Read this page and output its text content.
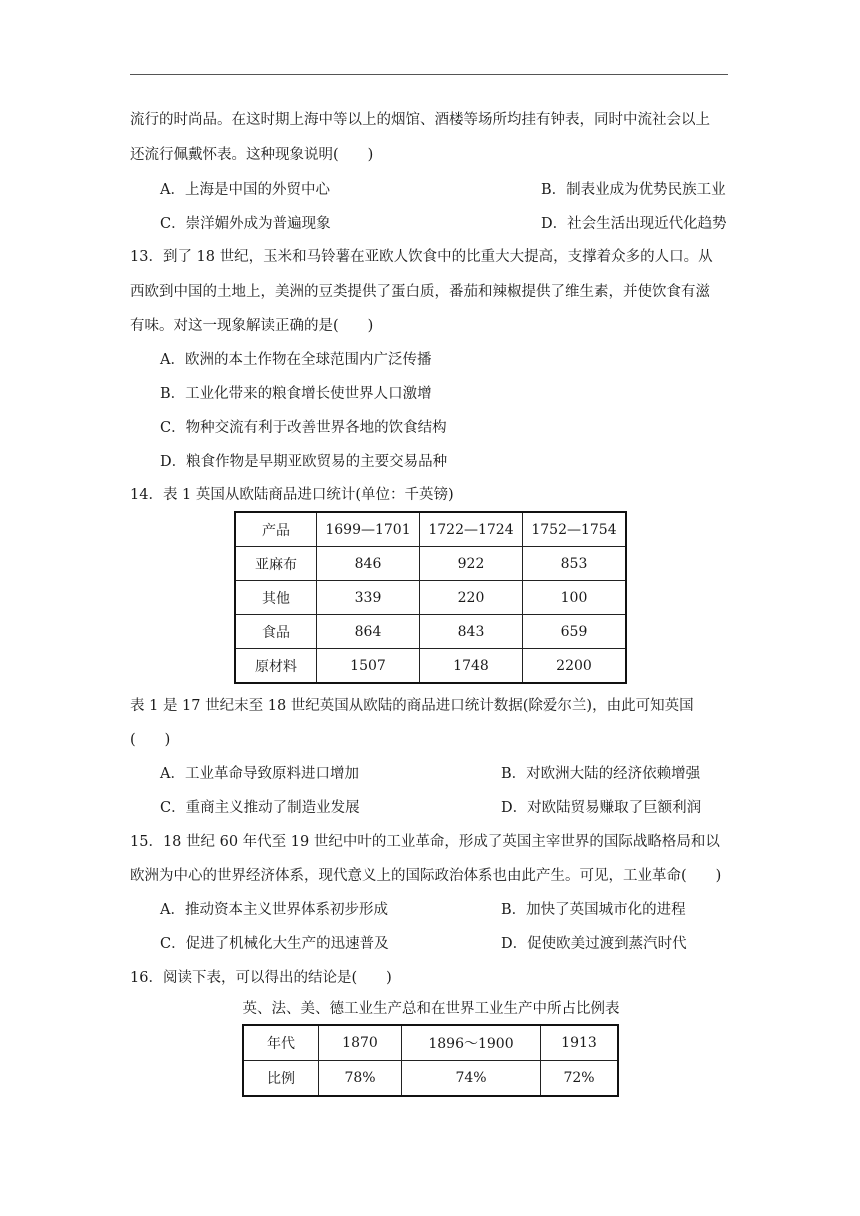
流行的时尚品。在这时期上海中等以上的烟馆、酒楼等场所均挂有钟表，同时中流社会以上
还流行佩戴怀表。这种现象说明(　　)
A．上海是中国的外贸中心	B．制表业成为优势民族工业
C．崇洋媚外成为普遍现象	D．社会生活出现近代化趋势
13．到了 18 世纪，玉米和马铃薯在亚欧人饮食中的比重大大提高，支撑着众多的人口。从
西欧到中国的土地上，美洲的豆类提供了蛋白质，番茄和辣椒提供了维生素，并使饮食有滋
有味。对这一现象解读正确的是(　　)
A．欧洲的本土作物在全球范围内广泛传播
B．工业化带来的粮食增长使世界人口激增
C．物种交流有利于改善世界各地的饮食结构
D．粮食作物是早期亚欧贸易的主要交易品种
14．表 1 英国从欧陆商品进口统计(单位：千英镑)
产品	1699—1701	1722—1724	1752—1754
亚麻布	846	922	853
其他	339	220	100
食品	864	843	659
原材料	1507	1748	2200
表 1 是 17 世纪末至 18 世纪英国从欧陆的商品进口统计数据(除爱尔兰)，由此可知英国
(　　)
A．工业革命导致原料进口增加	B．对欧洲大陆的经济依赖增强
C．重商主义推动了制造业发展	D．对欧陆贸易赚取了巨额利润
15．18 世纪 60 年代至 19 世纪中叶的工业革命，形成了英国主宰世界的国际战略格局和以
欧洲为中心的世界经济体系，现代意义上的国际政治体系也由此产生。可见，工业革命(　　)
A．推动资本主义世界体系初步形成	B．加快了英国城市化的进程
C．促进了机械化大生产的迅速普及	D．促使欧美过渡到蒸汽时代
16．阅读下表，可以得出的结论是(　　)
英、法、美、德工业生产总和在世界工业生产中所占比例表
年代	1870	1896～1900	1913
比例	78%	74%	72%
